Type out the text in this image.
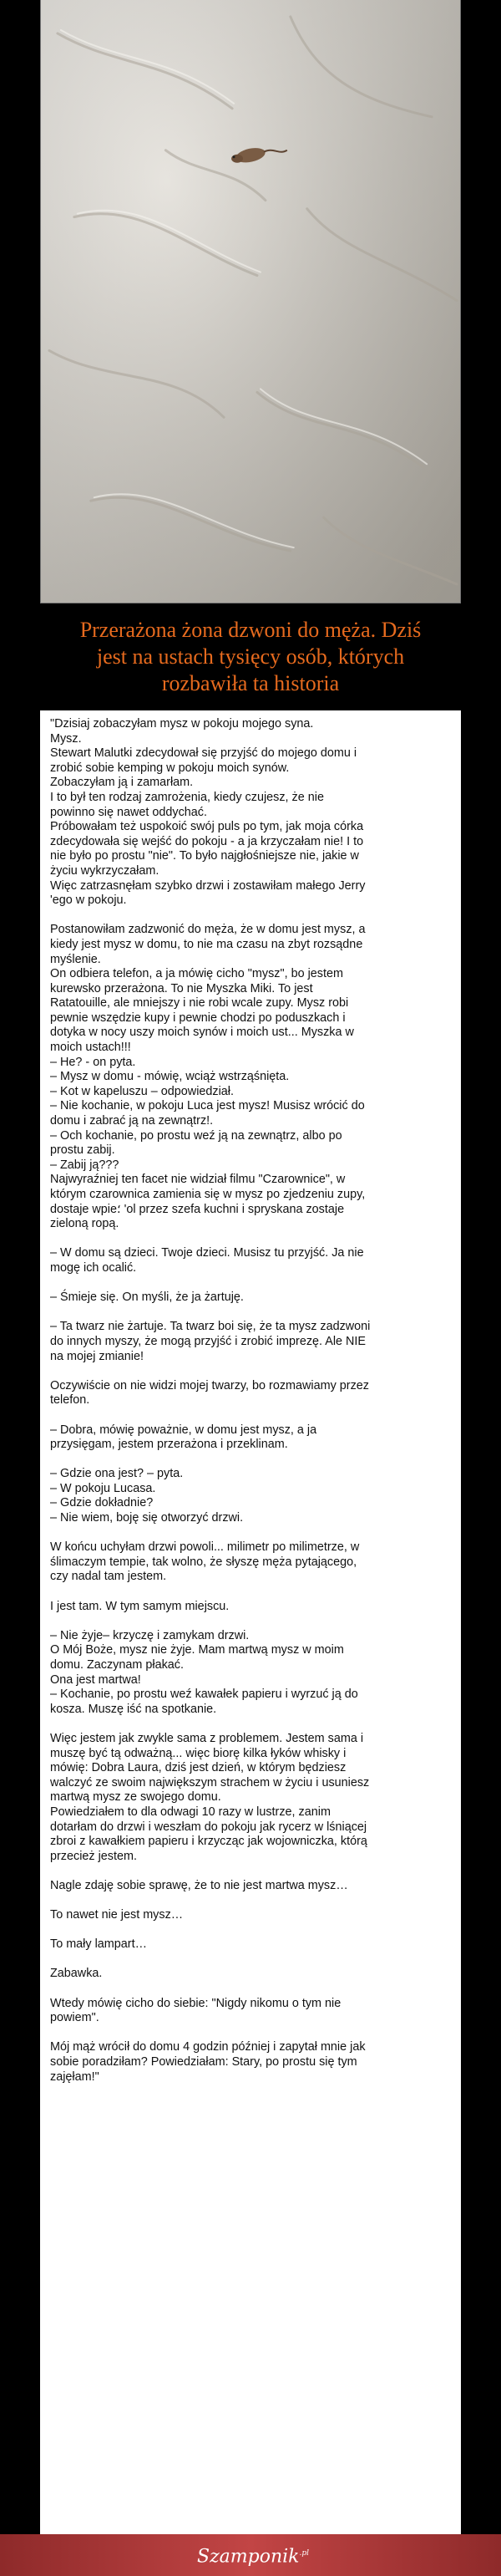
Przerażona żona dzwoni do męża. Dziś
jest na ustach tysięcy osób, których
rozbawiła ta historia
"Dzisiaj zobaczyłam mysz w pokoju mojego syna.
Mysz.
Stewart Malutki zdecydował się przyjść do mojego domu i
zrobić sobie kemping w pokoju moich synów.
Zobaczyłam ją i zamarłam.
I to był ten rodzaj zamrożenia, kiedy czujesz, że nie
powinno się nawet oddychać.
Próbowałam też uspokoić swój puls po tym, jak moja córka
zdecydowała się wejść do pokoju - a ja krzyczałam nie! I to
nie było po prostu "nie". To było najgłośniejsze nie, jakie w
życiu wykrzyczałam.
Więc zatrzasnęłam szybko drzwi i zostawiłam małego Jerry
'ego w pokoju.
Postanowiłam zadzwonić do męża, że w domu jest mysz, a
kiedy jest mysz w domu, to nie ma czasu na zbyt rozsądne
myślenie.
On odbiera telefon, a ja mówię cicho "mysz", bo jestem
kurewsko przerażona. To nie Myszka Miki. To jest
Ratatouille, ale mniejszy i nie robi wcale zupy. Mysz robi
pewnie wszędzie kupy i pewnie chodzi po poduszkach i
dotyka w nocy uszy moich synów i moich ust... Myszka w
moich ustach!!!
– He? - on pyta.
– Mysz w domu - mówię, wciąż wstrząśnięta.
– Kot w kapeluszu – odpowiedział.
– Nie kochanie, w pokoju Luca jest mysz! Musisz wrócić do
domu i zabrać ją na zewnątrz!.
– Och kochanie, po prostu weź ją na zewnątrz, albo po
prostu zabij.
– Zabij ją???
Najwyraźniej ten facet nie widział filmu "Czarownice", w
którym czarownica zamienia się w mysz po zjedzeniu zupy,
dostaje wpie؛ 'ol przez szefa kuchni i spryskana zostaje
zieloną ropą.
– W domu są dzieci. Twoje dzieci. Musisz tu przyjść. Ja nie
mogę ich ocalić.
– Śmieje się. On myśli, że ja żartuję.
– Ta twarz nie żartuje. Ta twarz boi się, że ta mysz zadzwoni
do innych myszy, że mogą przyjść i zrobić imprezę. Ale NIE
na mojej zmianie!
Oczywiście on nie widzi mojej twarzy, bo rozmawiamy przez
telefon.
– Dobra, mówię poważnie, w domu jest mysz, a ja
przysięgam, jestem przerażona i przeklinam.
– Gdzie ona jest? – pyta.
– W pokoju Lucasa.
– Gdzie dokładnie?
– Nie wiem, boję się otworzyć drzwi.
W końcu uchyłam drzwi powoli... milimetr po milimetrze, w
ślimaczym tempie, tak wolno, że słyszę męża pytającego,
czy nadal tam jestem.
I jest tam. W tym samym miejscu.
– Nie żyje– krzyczę i zamykam drzwi.
O Mój Boże, mysz nie żyje. Mam martwą mysz w moim
domu. Zaczynam płakać.
Ona jest martwa!
– Kochanie, po prostu weź kawałek papieru i wyrzuć ją do
kosza. Muszę iść na spotkanie.
Więc jestem jak zwykle sama z problemem. Jestem sama i
muszę być tą odważną... więc biorę kilka łyków whisky i
mówię: Dobra Laura, dziś jest dzień, w którym będziesz
walczyć ze swoim największym strachem w życiu i usuniesz
martwą mysz ze swojego domu.
Powiedziałem to dla odwagi 10 razy w lustrze, zanim
dotarłam do drzwi i weszłam do pokoju jak rycerz w lśniącej
zbroi z kawałkiem papieru i krzycząc jak wojowniczka, którą
przecież jestem.
Nagle zdaję sobie sprawę, że to nie jest martwa mysz…
To nawet nie jest mysz…
To mały lampart…
Zabawka.
Wtedy mówię cicho do siebie: "Nigdy nikomu o tym nie
powiem".
Mój mąż wrócił do domu 4 godzin później i zapytał mnie jak
sobie poradziłam? Powiedziałam: Stary, po prostu się tym
zajęłam!"
Szamponik$^{.pl}$
